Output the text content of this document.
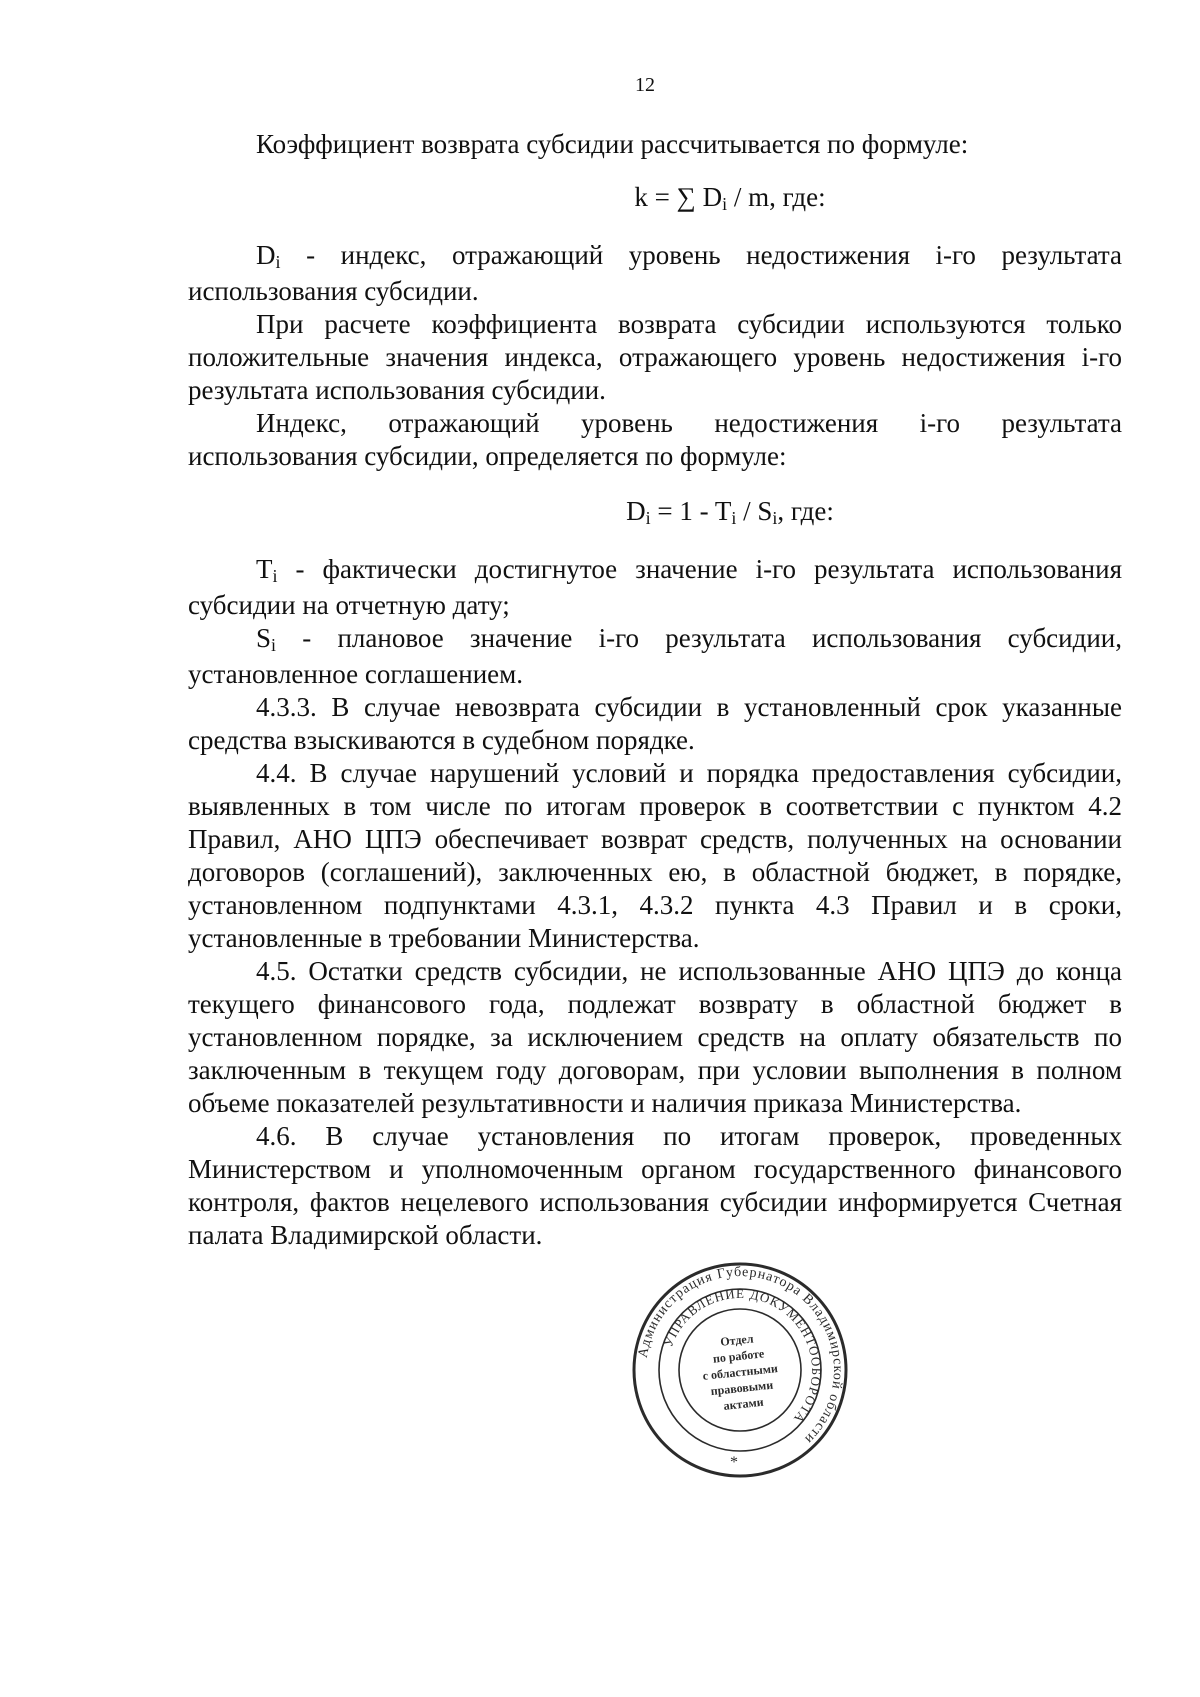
12

Коэффициент возврата субсидии рассчитывается по формуле:

k = ∑ Di / m, где:

Di - индекс, отражающий уровень недостижения i-го результата использования субсидии.

При расчете коэффициента возврата субсидии используются только положительные значения индекса, отражающего уровень недостижения i-го результата использования субсидии.

Индекс, отражающий уровень недостижения i-го результата использования субсидии, определяется по формуле:

Di = 1 - Ti / Si, где:

Ti - фактически достигнутое значение i-го результата использования субсидии на отчетную дату;

Si - плановое значение i-го результата использования субсидии, установленное соглашением.

4.3.3. В случае невозврата субсидии в установленный срок указанные средства взыскиваются в судебном порядке.

4.4. В случае нарушений условий и порядка предоставления субсидии, выявленных в том числе по итогам проверок в соответствии с пунктом 4.2 Правил, АНО ЦПЭ обеспечивает возврат средств, полученных на основании договоров (соглашений), заключенных ею, в областной бюджет, в порядке, установленном подпунктами 4.3.1, 4.3.2 пункта 4.3 Правил и в сроки, установленные в требовании Министерства.

4.5. Остатки средств субсидии, не использованные АНО ЦПЭ до конца текущего финансового года, подлежат возврату в областной бюджет в установленном порядке, за исключением средств на оплату обязательств по заключенным в текущем году договорам, при условии выполнения в полном объеме показателей результативности и наличия приказа Министерства.

4.6. В случае установления по итогам проверок, проведенных Министерством и уполномоченным органом государственного финансового контроля, фактов нецелевого использования субсидии информируется Счетная палата Владимирской области.

Администрация Губернатора Владимирской области
УПРАВЛЕНИЕ ДОКУМЕНТООБОРОТА
Отдел
по работе
с областными
правовыми
актами
*
